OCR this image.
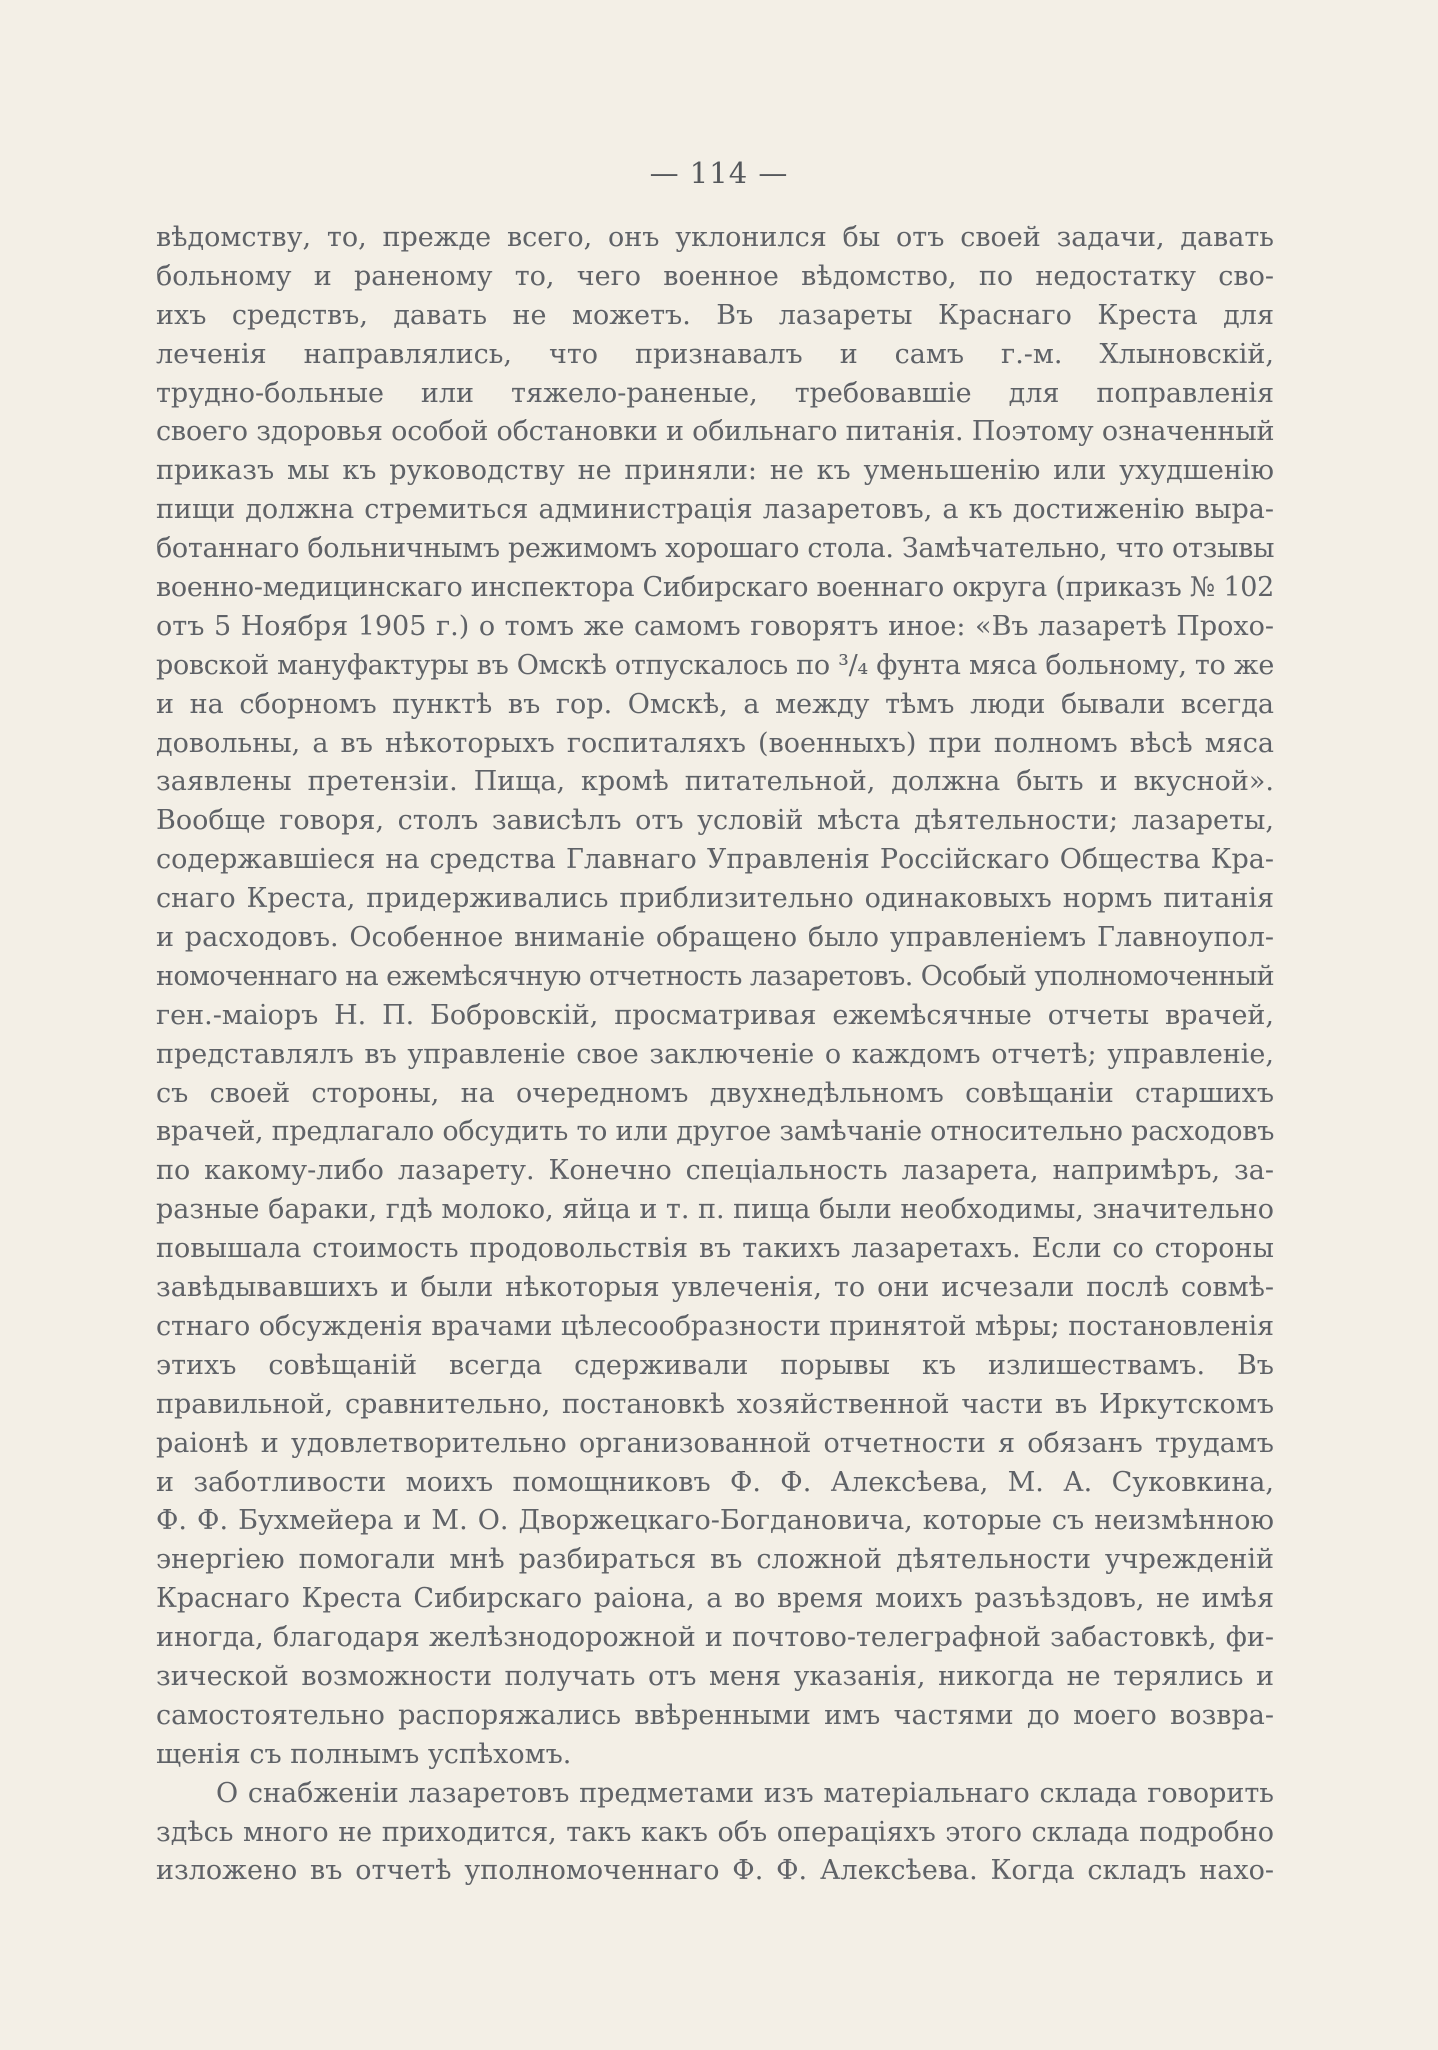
— 114 —
вѣдомству, то, прежде всего, онъ уклонился бы отъ своей задачи, давать
больному и раненому то, чего военное вѣдомство, по недостатку сво-
ихъ средствъ, давать не можетъ. Въ лазареты Краснаго Креста для
леченія направлялись, что признавалъ и самъ г.-м. Хлыновскій,
трудно-больные или тяжело-раненые, требовавшіе для поправленія
своего здоровья особой обстановки и обильнаго питанія. Поэтому означенный
приказъ мы къ руководству не приняли: не къ уменьшенію или ухудшенію
пищи должна стремиться администрація лазаретовъ, а къ достиженію выра-
ботаннаго больничнымъ режимомъ хорошаго стола. Замѣчательно, что отзывы
военно-медицинскаго инспектора Сибирскаго военнаго округа (приказъ № 102
отъ 5 Ноября 1905 г.) о томъ же самомъ говорятъ иное: «Въ лазаретѣ Прохо-
ровской мануфактуры въ Омскѣ отпускалось по ³/₄ фунта мяса больному, то же
и на сборномъ пунктѣ въ гор. Омскѣ, а между тѣмъ люди бывали всегда
довольны, а въ нѣкоторыхъ госпиталяхъ (военныхъ) при полномъ вѣсѣ мяса
заявлены претензіи. Пища, кромѣ питательной, должна быть и вкусной».
Вообще говоря, столъ зависѣлъ отъ условій мѣста дѣятельности; лазареты,
содержавшіеся на средства Главнаго Управленія Россійскаго Общества Кра-
снаго Креста, придерживались приблизительно одинаковыхъ нормъ питанія
и расходовъ. Особенное вниманіе обращено было управленіемъ Главноупол-
номоченнаго на ежемѣсячную отчетность лазаретовъ. Особый уполномоченный
ген.-маіоръ Н. П. Бобровскій, просматривая ежемѣсячные отчеты врачей,
представлялъ въ управленіе свое заключеніе о каждомъ отчетѣ; управленіе,
съ своей стороны, на очередномъ двухнедѣльномъ совѣщаніи старшихъ
врачей, предлагало обсудить то или другое замѣчаніе относительно расходовъ
по какому-либо лазарету. Конечно спеціальность лазарета, напримѣръ, за-
разные бараки, гдѣ молоко, яйца и т. п. пища были необходимы, значительно
повышала стоимость продовольствія въ такихъ лазаретахъ. Если со стороны
завѣдывавшихъ и были нѣкоторыя увлеченія, то они исчезали послѣ совмѣ-
стнаго обсужденія врачами цѣлесообразности принятой мѣры; постановленія
этихъ совѣщаній всегда сдерживали порывы къ излишествамъ. Въ
правильной, сравнительно, постановкѣ хозяйственной части въ Иркутскомъ
раіонѣ и удовлетворительно организованной отчетности я обязанъ трудамъ
и заботливости моихъ помощниковъ Ф. Ф. Алексѣева, М. А. Суковкина,
Ф. Ф. Бухмейера и М. О. Дворжецкаго-Богдановича, которые съ неизмѣнною
энергіею помогали мнѣ разбираться въ сложной дѣятельности учрежденій
Краснаго Креста Сибирскаго раіона, а во время моихъ разъѣздовъ, не имѣя
иногда, благодаря желѣзнодорожной и почтово-телеграфной забастовкѣ, фи-
зической возможности получать отъ меня указанія, никогда не терялись и
самостоятельно распоряжались ввѣренными имъ частями до моего возвра-
щенія съ полнымъ успѣхомъ.
О снабженіи лазаретовъ предметами изъ матеріальнаго склада говорить
здѣсь много не приходится, такъ какъ объ операціяхъ этого склада подробно
изложено въ отчетѣ уполномоченнаго Ф. Ф. Алексѣева. Когда складъ нахо-
